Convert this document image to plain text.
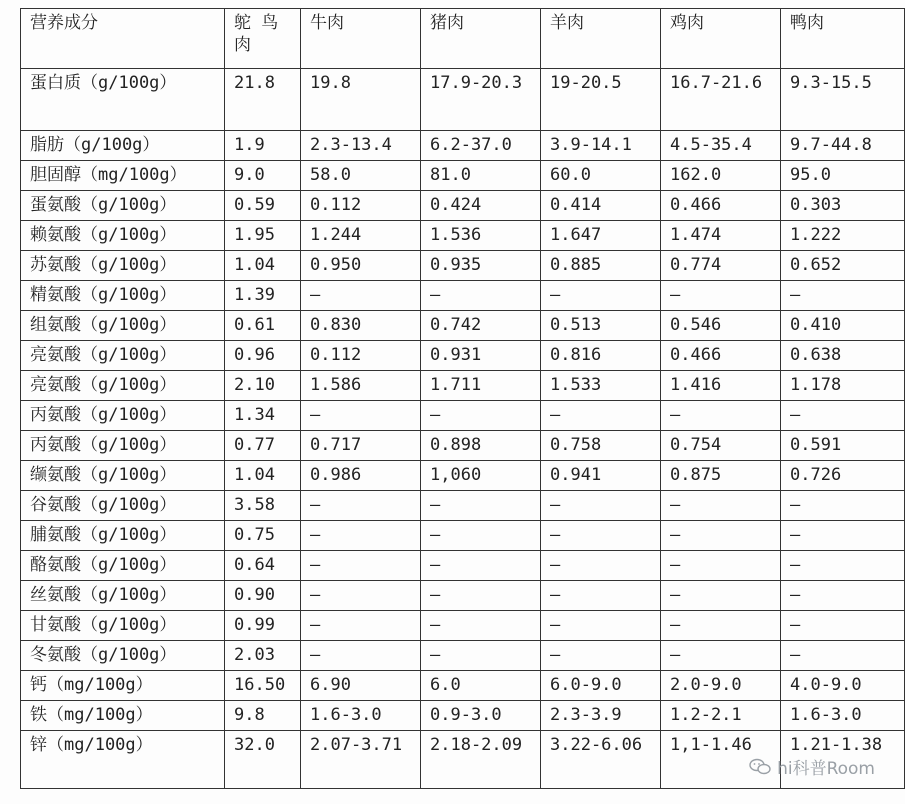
营养成分	鸵 鸟 肉	牛肉	猪肉	羊肉	鸡肉	鸭肉
蛋白质（g/100g）	21.8	19.8	17.9-20.3	19-20.5	16.7-21.6	9.3-15.5
脂肪（g/100g）	1.9	2.3-13.4	6.2-37.0	3.9-14.1	4.5-35.4	9.7-44.8
胆固醇（mg/100g）	9.0	58.0	81.0	60.0	162.0	95.0
蛋氨酸（g/100g）	0.59	0.112	0.424	0.414	0.466	0.303
赖氨酸（g/100g）	1.95	1.244	1.536	1.647	1.474	1.222
苏氨酸（g/100g）	1.04	0.950	0.935	0.885	0.774	0.652
精氨酸（g/100g）	1.39	—	—	—	—	—
组氨酸（g/100g）	0.61	0.830	0.742	0.513	0.546	0.410
亮氨酸（g/100g）	0.96	0.112	0.931	0.816	0.466	0.638
亮氨酸（g/100g）	2.10	1.586	1.711	1.533	1.416	1.178
丙氨酸（g/100g）	1.34	—	—	—	—	—
丙氨酸（g/100g）	0.77	0.717	0.898	0.758	0.754	0.591
缬氨酸（g/100g）	1.04	0.986	1,060	0.941	0.875	0.726
谷氨酸（g/100g）	3.58	—	—	—	—	—
脯氨酸（g/100g）	0.75	—	—	—	—	—
酪氨酸（g/100g）	0.64	—	—	—	—	—
丝氨酸（g/100g）	0.90	—	—	—	—	—
甘氨酸（g/100g）	0.99	—	—	—	—	—
冬氨酸（g/100g）	2.03	—	—	—	—	—
钙（mg/100g）	16.50	6.90	6.0	6.0-9.0	2.0-9.0	4.0-9.0
铁（mg/100g）	9.8	1.6-3.0	0.9-3.0	2.3-3.9	1.2-2.1	1.6-3.0
锌（mg/100g）	32.0	2.07-3.71	2.18-2.09	3.22-6.06	1,1-1.46	1.21-1.38
hi科普Room
